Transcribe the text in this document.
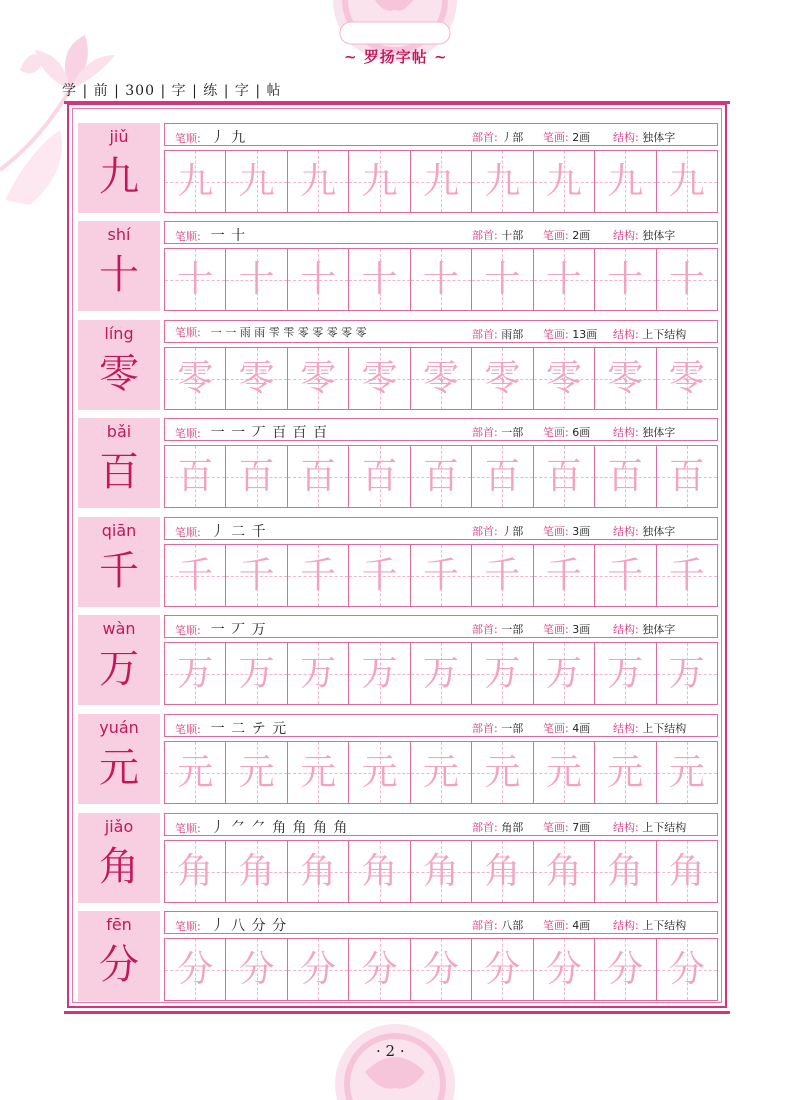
~ 罗扬字帖 ~
学 | 前 | 300 | 字 | 练 | 字 | 帖
jiǔ
九
笔顺: 丿 九	部首: 丿部 笔画: 2画 结构: 独体字
九 九 九 九 九 九 九 九 九
shí
十
笔顺: 一 十	部首: 十部 笔画: 2画 结构: 独体字
十 十 十 十 十 十 十 十 十
líng
零
笔顺: 一 ⼀ 雨 雨 雫 雫 零 零 零 零 零	部首: 雨部 笔画: 13画 结构: 上下结构
零 零 零 零 零 零 零 零 零
bǎi
百
笔顺: 一 一 丆 百 百 百	部首: 一部 笔画: 6画 结构: 独体字
百 百 百 百 百 百 百 百 百
qiān
千
笔顺: 丿 二 千	部首: 丿部 笔画: 3画 结构: 独体字
千 千 千 千 千 千 千 千 千
wàn
万
笔顺: 一 丆 万	部首: 一部 笔画: 3画 结构: 独体字
万 万 万 万 万 万 万 万 万
yuán
元
笔顺: 一 二 テ 元	部首: 一部 笔画: 4画 结构: 上下结构
元 元 元 元 元 元 元 元 元
jiǎo
角
笔顺: 丿 ⺈ ⺈ 角 角 角 角	部首: 角部 笔画: 7画 结构: 上下结构
角 角 角 角 角 角 角 角 角
fēn
分
笔顺: 丿 八 分 分	部首: 八部 笔画: 4画 结构: 上下结构
分 分 分 分 分 分 分 分 分
· 2 ·
